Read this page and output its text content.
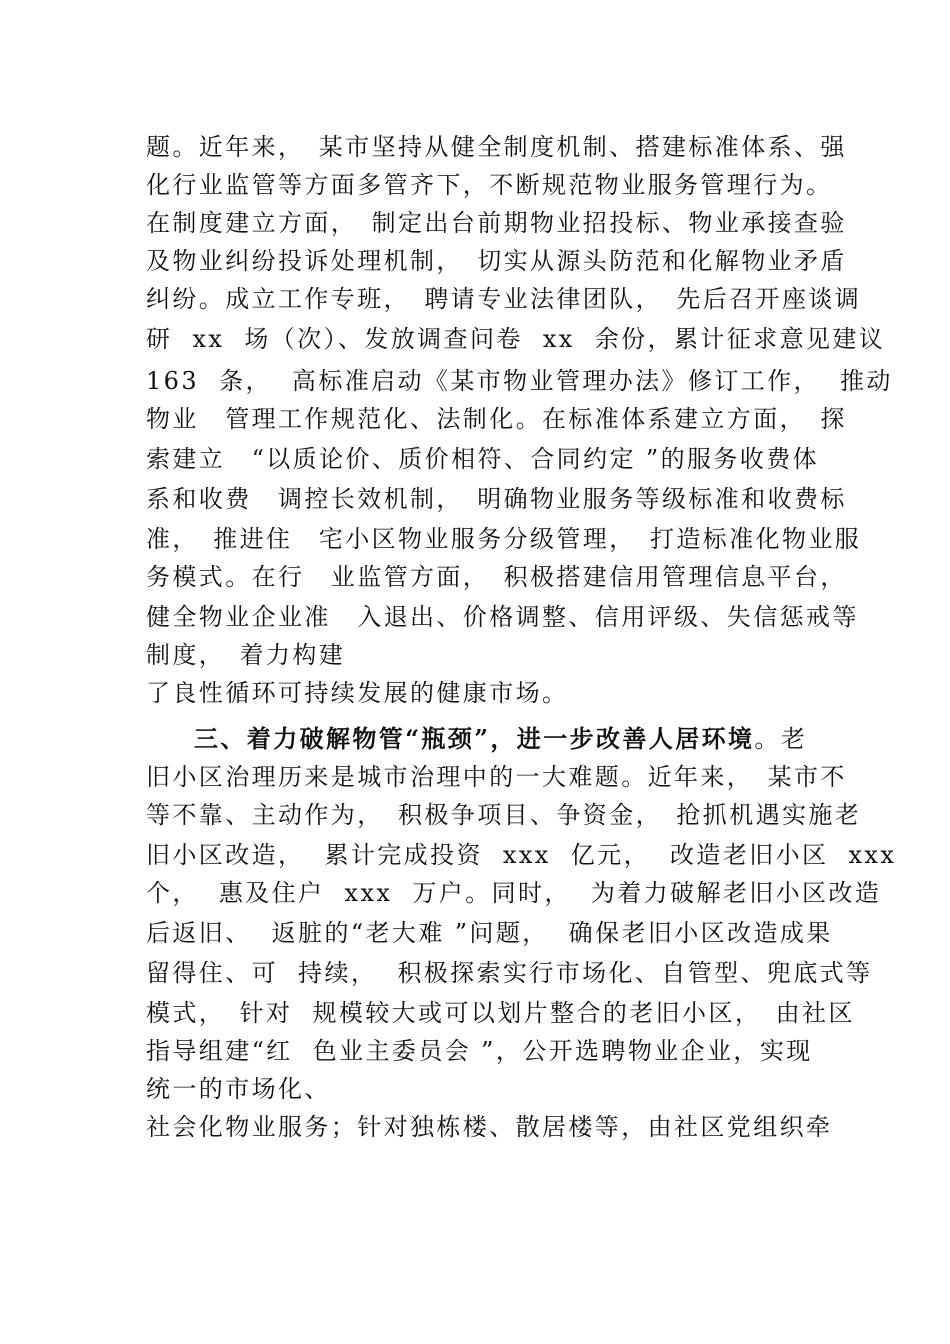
题。近年来，　某市坚持从健全制度机制、搭建标准体系、强
化行业监管等方面多管齐下，不断规范物业服务管理行为。
在制度建立方面，　制定出台前期物业招投标、物业承接查验
及物业纠纷投诉处理机制，　切实从源头防范和化解物业矛盾
纠纷。成立工作专班，　聘请专业法律团队，　先后召开座谈调
研  xx  场（次）、发放调查问卷  xx  余份，累计征求意见建议
163  条，  高标准启动《某市物业管理办法》修订工作，  推动
物业　管理工作规范化、法制化。在标准体系建立方面，　探
索建立　“以质论价、质价相符、合同约定 ”的服务收费体
系和收费　调控长效机制，　明确物业服务等级标准和收费标
准，　推进住　宅小区物业服务分级管理，　打造标准化物业服
务模式。在行　业监管方面，　积极搭建信用管理信息平台，
健全物业企业准　入退出、价格调整、信用评级、失信惩戒等
制度，　着力构建
了良性循环可持续发展的健康市场。
三、着力破解物管“瓶颈”，进一步改善人居环境。老
旧小区治理历来是城市治理中的一大难题。近年来，　某市不
等不靠、主动作为，　积极争项目、争资金，　抢抓机遇实施老
旧小区改造，  累计完成投资  xxx  亿元，  改造老旧小区  xxx
个，  惠及住户  xxx  万户。同时，  为着力破解老旧小区改造
后返旧、  返脏的“老大难 ”问题，  确保老旧小区改造成果
留得住、可  持续，  积极探索实行市场化、自管型、兜底式等
模式，　针对  规模较大或可以划片整合的老旧小区，　由社区
指导组建“红  色业主委员会 ”，公开选聘物业企业，实现
统一的市场化、
社会化物业服务；针对独栋楼、散居楼等，由社区党组织牵
